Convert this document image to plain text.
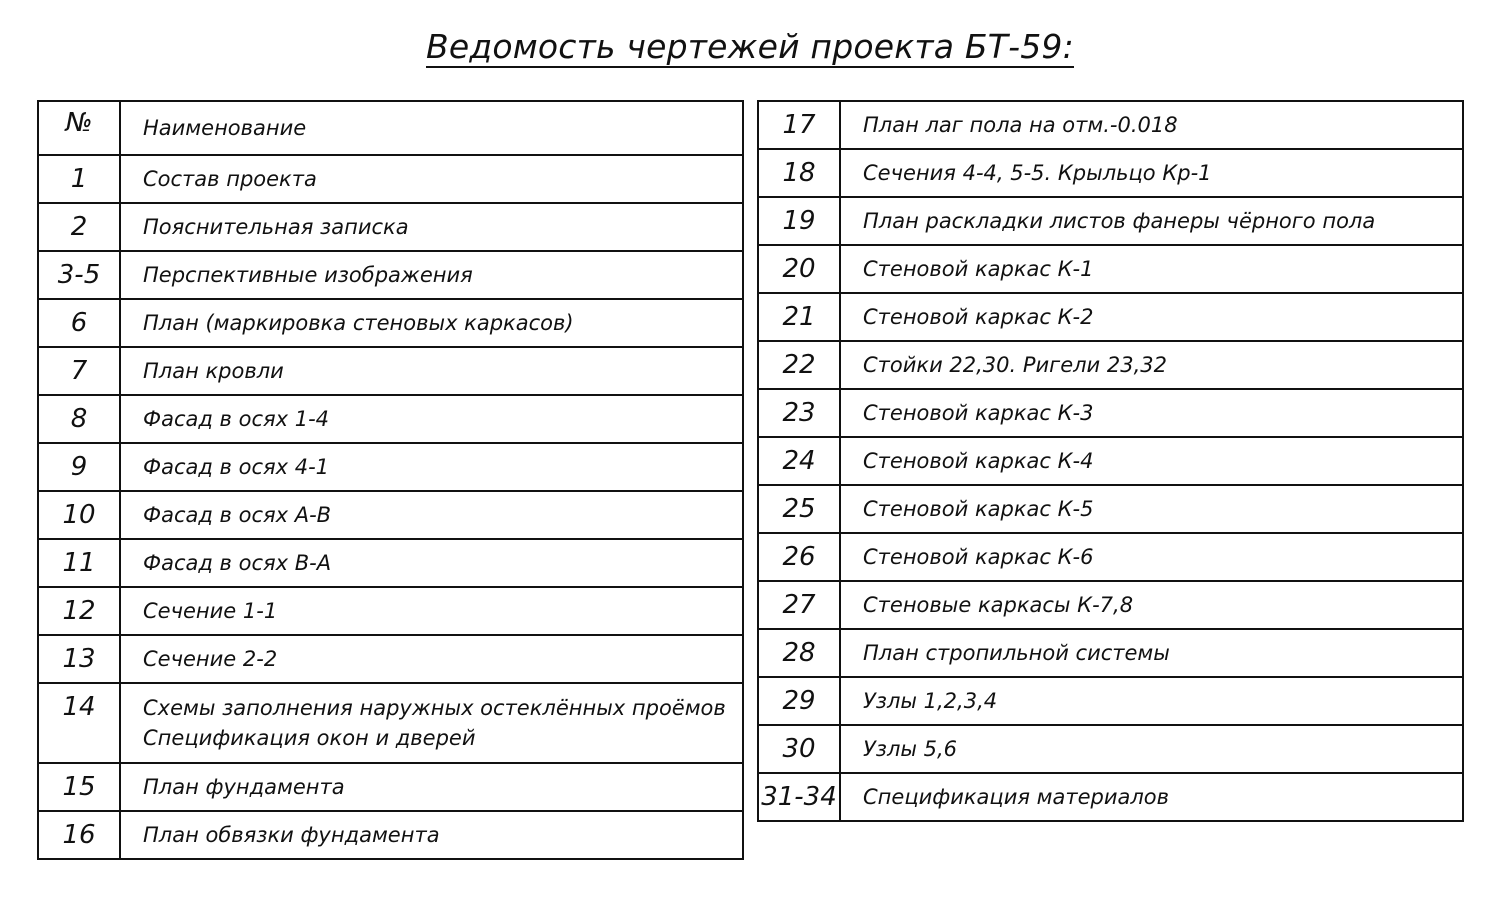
Ведомость чертежей проекта БТ-59:
№	Наименование
1	Состав проекта
2	Пояснительная записка
3-5	Перспективные изображения
6	План (маркировка стеновых каркасов)
7	План кровли
8	Фасад в осях 1-4
9	Фасад в осях 4-1
10	Фасад в осях А-В
11	Фасад в осях В-А
12	Сечение 1-1
13	Сечение 2-2
14	Схемы заполнения наружных остеклённых проёмов
Спецификация окон и дверей

15	План фундамента
16	План обвязки фундамента
17	План лаг пола на отм.-0.018
18	Сечения 4-4, 5-5. Крыльцо Кр-1
19	План раскладки листов фанеры чёрного пола
20	Стеновой каркас К-1
21	Стеновой каркас К-2
22	Стойки 22,30. Ригели 23,32
23	Стеновой каркас К-3
24	Стеновой каркас К-4
25	Стеновой каркас К-5
26	Стеновой каркас К-6
27	Стеновые каркасы К-7,8
28	План стропильной системы
29	Узлы 1,2,3,4
30	Узлы 5,6
31-34	Спецификация материалов
